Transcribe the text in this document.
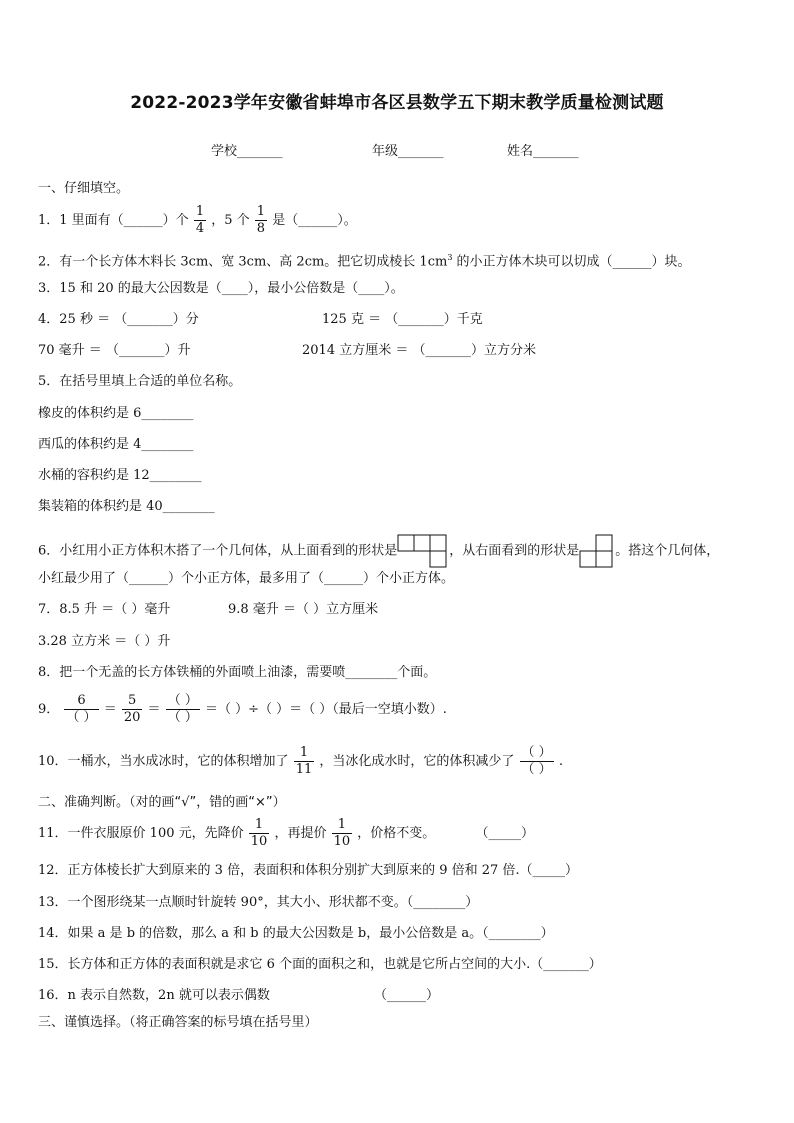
2022-2023学年安徽省蚌埠市各区县数学五下期末教学质量检测试题
学校_______	年级_______	姓名_______
一、仔细填空。
1．1 里面有（______）个 $\frac{1}{4}$ ，5 个 $\frac{1}{8}$ 是（______）。
2．有一个长方体木料长 3cm、宽 3cm、高 2cm。把它切成棱长 $1cm^3$ 的小正方体木块可以切成（______）块。
3．15 和 20 的最大公因数是（____），最小公倍数是（____）。
4．25 秒 ＝ （_______）分	125 克 ＝ （_______）千克
70 毫升 ＝ （_______）升	2014 立方厘米 ＝ （_______）立方分米
5．在括号里填上合适的单位名称。
橡皮的体积约是 6________
西瓜的体积约是 4________
水桶的容积约是 12________
集装箱的体积约是 40________
6．小红用小正方体积木搭了一个几何体，从上面看到的形状是	，从右面看到的形状是	。搭这个几何体，
小红最少用了（______）个小正方体，最多用了（______）个小正方体。
7．8.5 升 ＝（ ）毫升	9.8 毫升 ＝（ ）立方厘米
3.28 立方米 ＝（ ）升
8．把一个无盖的长方体铁桶的外面喷上油漆，需要喷________个面。
9． $\frac{6}{( )} = \frac{5}{20} = \frac{( )}{( )}$ ＝（ ）÷（ ）＝（ ）（最后一空填小数）.
10．一桶水，当水成冰时，它的体积增加了 $\frac{1}{11}$ ，当冰化成水时，它的体积减少了 $\frac{( )}{( )}$ .
二、准确判断。（对的画“√”，错的画“×”）
11．一件衣服原价 100 元，先降价 $\frac{1}{10}$ ，再提价 $\frac{1}{10}$ ，价格不变。	（_____）
12．正方体棱长扩大到原来的 3 倍，表面积和体积分别扩大到原来的 9 倍和 27 倍.（_____）
13．一个图形绕某一点顺时针旋转 90°，其大小、形状都不变。（________）
14．如果 a 是 b 的倍数，那么 a 和 b 的最大公因数是 b，最小公倍数是 a。（________）
15．长方体和正方体的表面积就是求它 6 个面的面积之和，也就是它所占空间的大小.（_______）
16．n 表示自然数，2n 就可以表示偶数	（______）
三、谨慎选择。（将正确答案的标号填在括号里）
